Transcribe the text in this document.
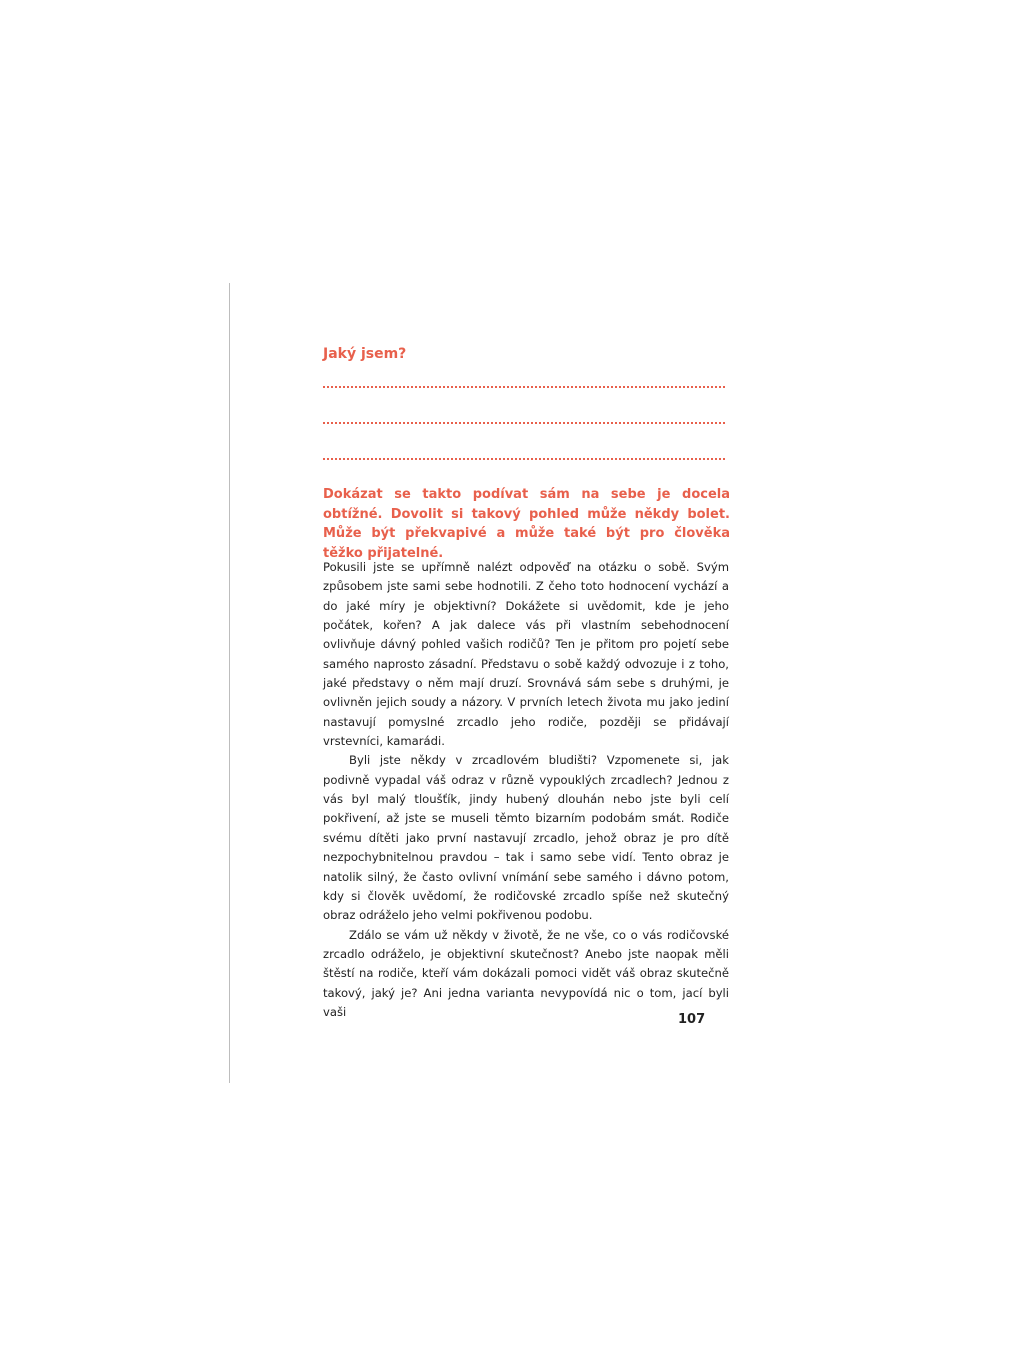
Jaký jsem?

Dokázat se takto podívat sám na sebe je docela obtížné. Dovolit si takový pohled může někdy bolet. Může být překvapivé a může také být pro člověka těžko přijatelné.

Pokusili jste se upřímně nalézt odpověď na otázku o sobě. Svým způsobem jste sami sebe hodnotili. Z čeho toto hodnocení vychází a do jaké míry je objektivní? Dokážete si uvědomit, kde je jeho počátek, kořen? A jak dalece vás při vlastním sebehodnocení ovlivňuje dávný pohled vašich rodičů? Ten je přitom pro pojetí sebe samého naprosto zásadní. Představu o sobě každý odvozuje i z toho, jaké představy o něm mají druzí. Srovnává sám sebe s druhými, je ovlivněn jejich soudy a názory. V prvních letech života mu jako jediní nastavují pomyslné zrcadlo jeho rodiče, později se přidávají vrstevníci, kamarádi.

Byli jste někdy v zrcadlovém bludišti? Vzpomenete si, jak podivně vypadal váš odraz v různě vypouklých zrcadlech? Jednou z vás byl malý tloušťík, jindy hubený dlouhán nebo jste byli celí pokřivení, až jste se museli těmto bizarním podobám smát. Rodiče svému dítěti jako první nastavují zrcadlo, jehož obraz je pro dítě nezpochybnitelnou pravdou – tak i samo sebe vidí. Tento obraz je natolik silný, že často ovlivní vnímání sebe samého i dávno potom, kdy si člověk uvědomí, že rodičovské zrcadlo spíše než skutečný obraz odráželo jeho velmi pokřivenou podobu.

Zdálo se vám už někdy v životě, že ne vše, co o vás rodičovské zrcadlo odráželo, je objektivní skutečnost? Anebo jste naopak měli štěstí na rodiče, kteří vám dokázali pomoci vidět váš obraz skutečně takový, jaký je? Ani jedna varianta nevypovídá nic o tom, jací byli vaši

107
